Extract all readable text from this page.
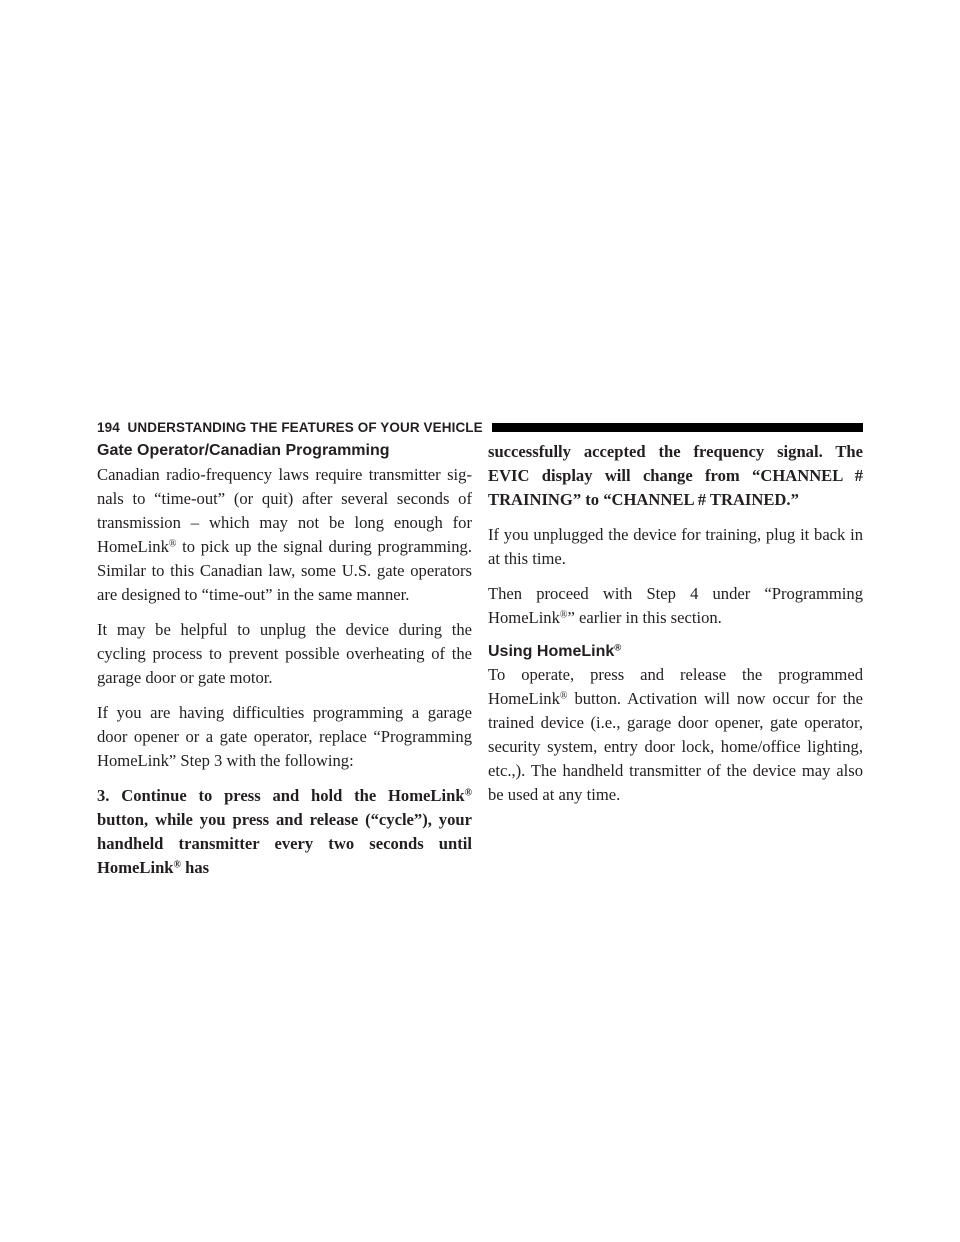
194 UNDERSTANDING THE FEATURES OF YOUR VEHICLE
Gate Operator/Canadian Programming

Canadian radio-frequency laws require transmitter signals to “time-out” (or quit) after several seconds of transmission – which may not be long enough for HomeLink® to pick up the signal during programming. Similar to this Canadian law, some U.S. gate operators are designed to “time-out” in the same manner.

It may be helpful to unplug the device during the cycling process to prevent possible overheating of the garage door or gate motor.

If you are having difficulties programming a garage door opener or a gate operator, replace “Programming HomeLink” Step 3 with the following:

3. Continue to press and hold the HomeLink® button, while you press and release (“cycle”), your handheld transmitter every two seconds until HomeLink® has

successfully accepted the frequency signal. The EVIC display will change from “CHANNEL # TRAINING” to “CHANNEL # TRAINED.”

If you unplugged the device for training, plug it back in at this time.

Then proceed with Step 4 under “Programming HomeLink®” earlier in this section.

Using HomeLink®

To operate, press and release the programmed HomeLink® button. Activation will now occur for the trained device (i.e., garage door opener, gate operator, security system, entry door lock, home/office lighting, etc.,). The handheld transmitter of the device may also be used at any time.
